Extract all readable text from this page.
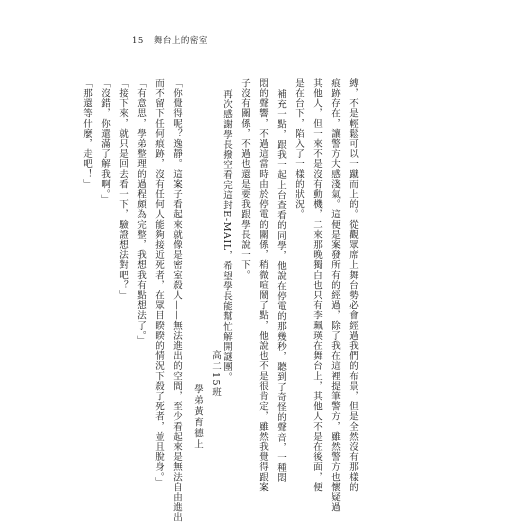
15 舞台上的密室
縛，不是輕鬆可以一蹴而上的。從觀眾席上舞台勢必會經過我們的布景，但是全然沒有那樣的
痕跡存在，讓警方大感淺氣。這便是案發所有的經過，除了我在這裡提筆警方，雖然警方也懷疑過
其他人，但一來不是沒有動機，二來那晚獨白也只有李珮瑛在舞台上，其他人不是在後面，便
是在台下，陷入了一樣的狀況。
補充一點，跟我一起上台查看的同學，他說在停電的那幾秒，聽到了奇怪的聲音，一種悶
悶的聲響，不過這當時由於停電的關係，稍微喧鬧了點，他說也不是很肯定，雖然我覺得跟案
子沒有關係，不過也還是要我跟學長說一下。
再次感謝學長撥空看完這封E-MAIL，希望學長能幫忙解開謎團。
高二15班
學弟黃育德上
「你覺得呢？逸靜。這案子看起來就像是密室殺人——無法進出的空間，至少看起來是無法自由進出
而不留下任何痕跡，沒有任何人能夠接近死者，在眾目睽睽的情況下殺了死者，並且脫身。」
「有意思，學弟整理的過程頗為完整，我想我有點想法了。」
「接下來，就只是回去看一下，驗證想法對吧？」
「沒錯，你還滿了解我啊。」
「那還等什麼，走吧！」
